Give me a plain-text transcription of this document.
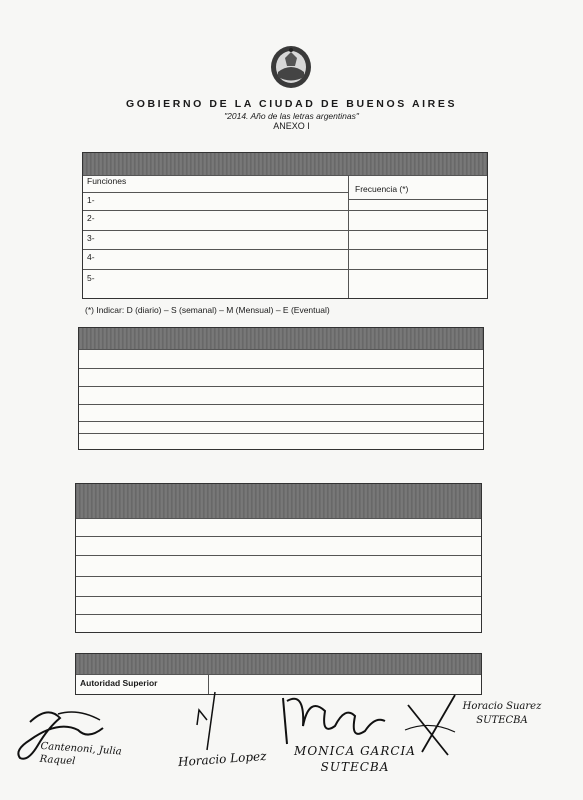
GOBIERNO DE LA CIUDAD DE BUENOS AIRES
"2014. Año de las letras argentinas"
ANEXO I
Funciones
Frecuencia (*)
1-
2-
3-
4-
5-
(*) Indicar: D (diario) – S (semanal) – M (Mensual) – E (Eventual)
Autoridad Superior
Cantenoni, Julia Raquel	Horacio Lopez	MONICA GARCIA SUTECBA
Horacio Suarez SUTECBA
